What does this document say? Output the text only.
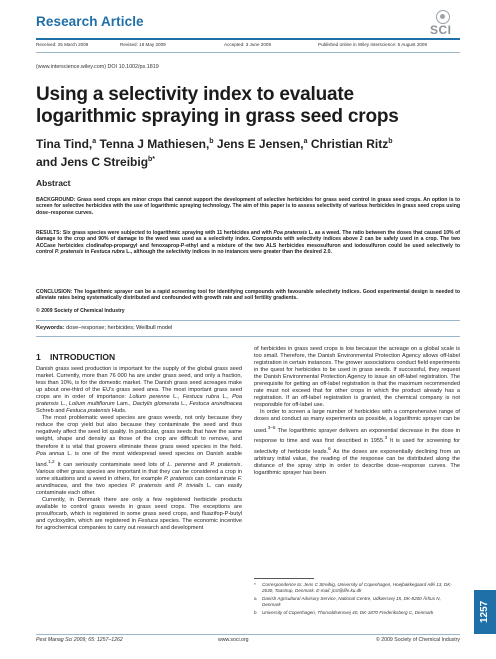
Research Article
SCI
Received: 25 March 2009	Revised: 18 May 2009	Accepted: 3 June 2009	Published online in Wiley Interscience: 5 August 2009
(www.interscience.wiley.com) DOI 10.1002/ps.1819
Using a selectivity index to evaluate logarithmic spraying in grass seed crops
Tina Tind,$^a$ Tenna J Mathiesen,$^b$ Jens E Jensen,$^a$ Christian Ritz$^b$
and Jens C Streibig$^{b*}$
Abstract

BACKGROUND: Grass seed crops are minor crops that cannot support the development of selective herbicides for grass seed control in grass seed crops. An option is to screen for selective herbicides with the use of logarithmic spraying technology. The aim of this paper is to assess selectivity of various herbicides in grass seed crops using dose–response curves.

RESULTS: Six grass species were subjected to logarithmic spraying with 11 herbicides and with Poa pratensis L. as a weed. The ratio between the doses that caused 10% of damage to the crop and 90% of damage to the weed was used as a selectivity index. Compounds with selectivity indices above 2 can be safely used in a crop. The two ACCase herbicides clodinafop-propargyl and fenoxaprop-P-ethyl and a mixture of the two ALS herbicides mesosulfuron and iodosulfuron could be used selectively to control P. pratensis in Festuca rubra L., although the selectivity indices in no instances were greater than the desired 2.0.

CONCLUSION: The logarithmic sprayer can be a rapid screening tool for identifying compounds with favourable selectivity indices. Good experimental design is needed to alleviate rates being systematically distributed and confounded with growth rate and soil fertility gradients.

© 2009 Society of Chemical Industry
Keywords: dose–response; herbicides; Weilbull model
1 INTRODUCTION

Danish grass seed production is important for the supply of the global grass seed market. Currently, more than 76 000 ha are under grass seed, and only a fraction, less than 10%, is for the domestic market. The Danish grass seed acreages make up about one-third of the EU's grass seed area. The most important grass seed crops are in order of importance: Lolium perenne L., Festuca rubra L., Poa pratensis L., Lolium multiflorum Lam., Dactylis glomerata L., Festuca arundinacea Schreb and Festuca pratensis Huds.

The most problematic weed species are grass weeds, not only because they reduce the crop yield but also because they contaminate the seed and thus negatively affect the seed lot quality. In particular, grass seeds that have the same weight, shape and density as those of the crop are difficult to remove, and therefore it is vital that growers eliminate these grass weed species in the field. Poa annua L. is one of the most widespread weed species on Danish arable land.$^{1,2}$ It can seriously contaminate seed lots of L. perenne and P. pratensis. Various other grass species are important in that they can be considered a crop in some situations and a weed in others, for example P. pratensis can contaminate F. arundinacea, and the two species P. pratensis and P. trivialis L. can easily contaminate each other.

Currently, in Denmark there are only a few registered herbicide products available to control grass weeds in grass seed crops. The exceptions are prosulfocarb, which is registered in some grass seed crops, and fluazifop-P-butyl and cycloxydim, which are registered in Festuca species. The economic incentive for agrochemical companies to carry out research and development

of herbicides in grass seed crops is low because the acreage on a global scale is too small. Therefore, the Danish Environmental Protection Agency allows off-label registration in certain instances. The grower associations conduct field experiments in the quest for herbicides to be used in grass seeds. If successful, they request the Danish Environmental Protection Agency to issue an off-label registration. The prerequisite for getting an off-label registration is that the maximum recommended rate must not exceed that for other crops in which the product already has a registration. If an off-label registration is granted, the chemical company is not responsible for off-label use.

In order to screen a large number of herbicides with a comprehensive range of doses and conduct as many experiments as possible, a logarithmic sprayer can be used.$^{3-5}$ The logarithmic sprayer delivers an exponential decrease in the dose in response to time and was first described in 1955.$^3$ It is used for screening for selectivity of herbicide leads.$^6$ As the doses are exponentially declining from an arbitrary initial value, the reading of the response can be distributed along the distance of the spray strip in order to describe dose–response curves. The logarithmic sprayer has been

* Correspondence to: Jens C Streibig, University of Copenhagen, Hoejbakkegaard Allé 13, DK-2630, Taastrup, Denmark. E-mail: jcst@life.ku.dk
a Danish Agricultural Advisory Service, National Centre, Udkærsvej 15, DK-8200 Århus N, Denmark
b University of Copenhagen, Thorvaldsensvej 40, DK-1870 Frederiksberg C, Denmark
Pest Manag Sci 2009; 65: 1257–1262	www.soci.org	© 2009 Society of Chemical Industry
1257
